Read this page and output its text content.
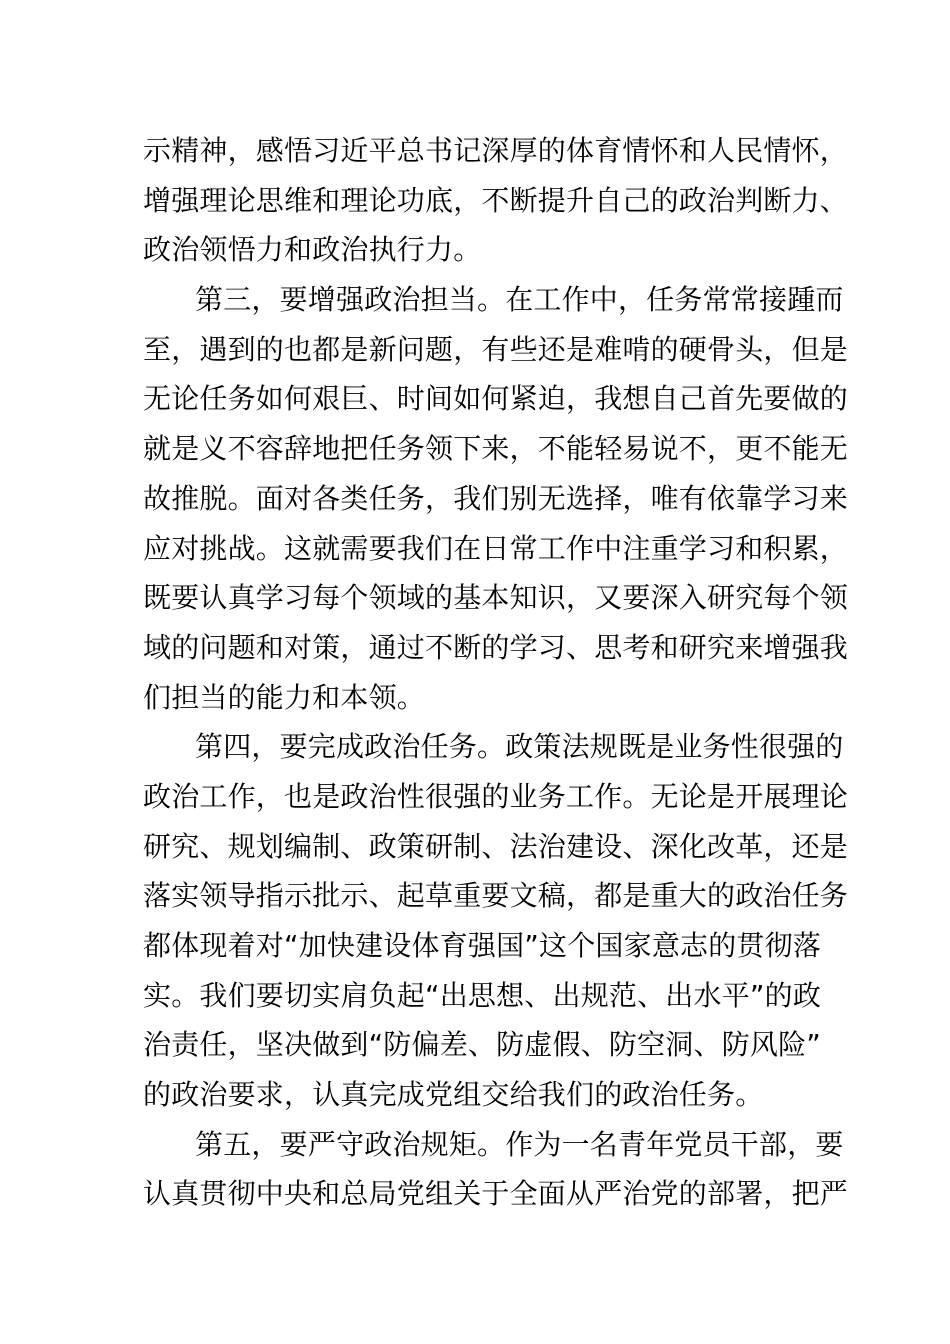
示精神，感悟习近平总书记深厚的体育情怀和人民情怀，
增强理论思维和理论功底，不断提升自己的政治判断力、
政治领悟力和政治执行力。
第三，要增强政治担当。在工作中，任务常常接踵而
至，遇到的也都是新问题，有些还是难啃的硬骨头，但是
无论任务如何艰巨、时间如何紧迫，我想自己首先要做的
就是义不容辞地把任务领下来，不能轻易说不，更不能无
故推脱。面对各类任务，我们别无选择，唯有依靠学习来
应对挑战。这就需要我们在日常工作中注重学习和积累，
既要认真学习每个领域的基本知识，又要深入研究每个领
域的问题和对策，通过不断的学习、思考和研究来增强我
们担当的能力和本领。
第四，要完成政治任务。政策法规既是业务性很强的
政治工作，也是政治性很强的业务工作。无论是开展理论
研究、规划编制、政策研制、法治建设、深化改革，还是
落实领导指示批示、起草重要文稿，都是重大的政治任务
都体现着对“加快建设体育强国”这个国家意志的贯彻落
实。我们要切实肩负起“出思想、出规范、出水平”的政
治责任，坚决做到“防偏差、防虚假、防空洞、防风险”
的政治要求，认真完成党组交给我们的政治任务。
第五，要严守政治规矩。作为一名青年党员干部，要
认真贯彻中央和总局党组关于全面从严治党的部署，把严
